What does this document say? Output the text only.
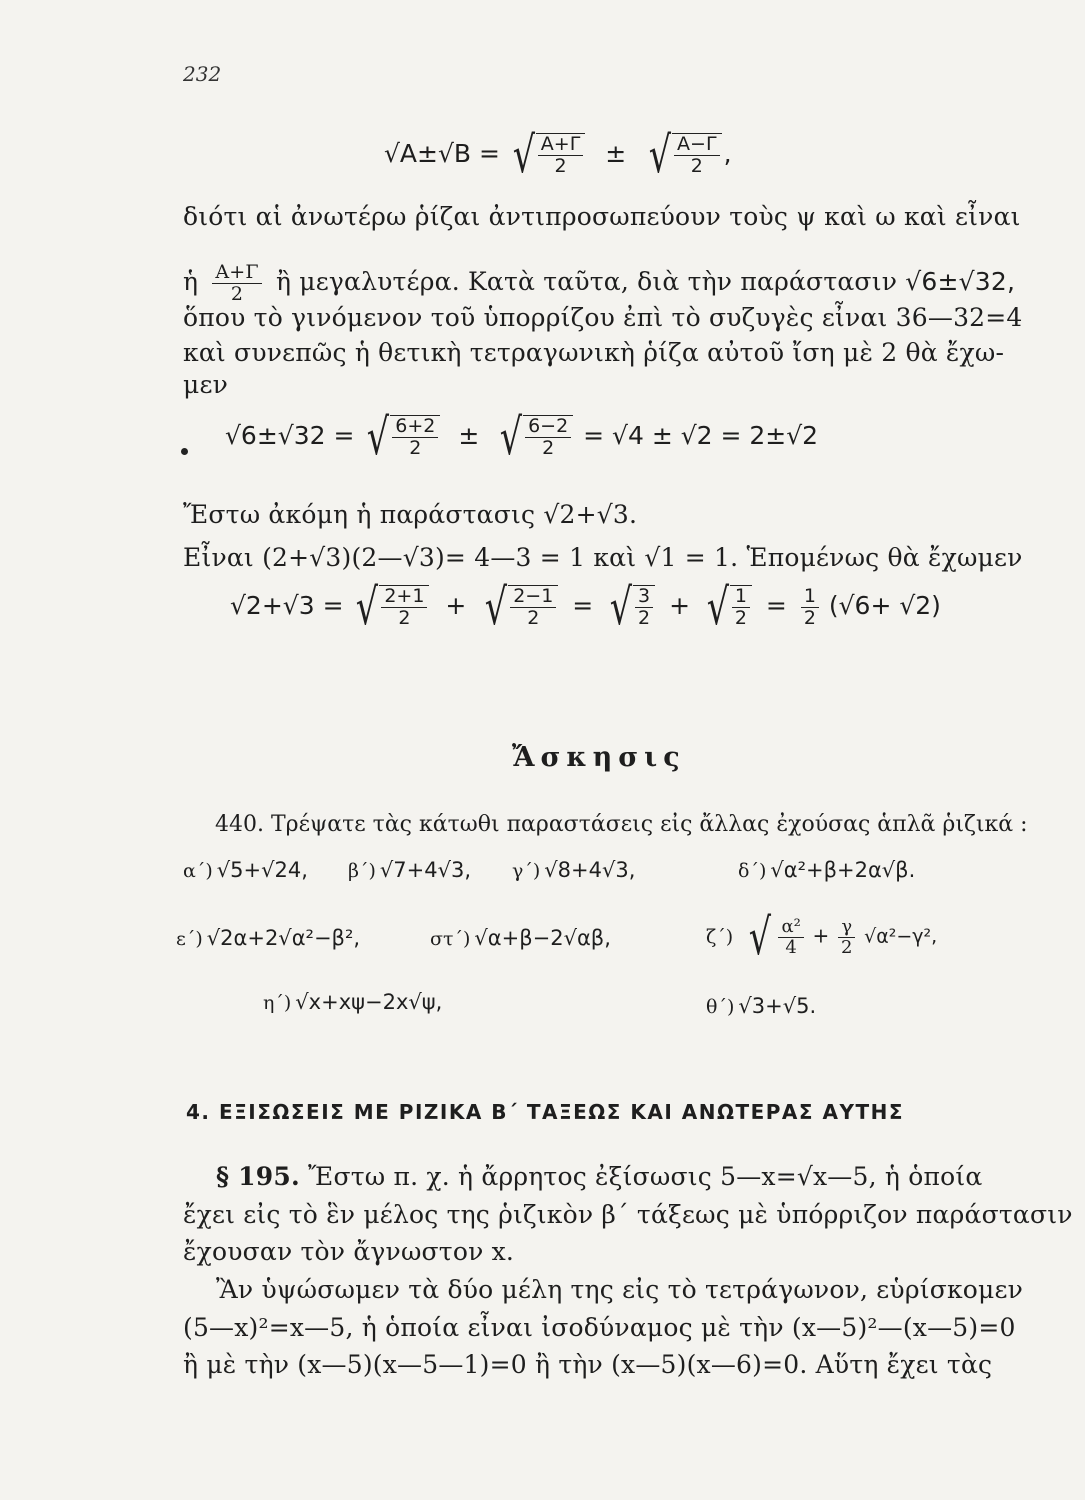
232
√A±√B = √ $\frac{A+\Gamma}{2}$ ± √ $\frac{A-\Gamma}{2}$ ,
διότι αἱ ἀνωτέρω ῥίζαι ἀντιπροσωπεύουν τοὺς ψ καὶ ω καὶ εἶναι
ἡ $\frac{A+\Gamma}{2}$ ἢ μεγαλυτέρα. Κατὰ ταῦτα, διὰ τὴν παράστασιν √6±√32,
ὅπου τὸ γινόμενον τοῦ ὑπορρίζου ἐπὶ τὸ συζυγὲς εἶναι 36—32=4
καὶ συνεπῶς ἡ θετικὴ τετραγωνικὴ ῥίζα αὐτοῦ ἴση μὲ 2 θὰ ἔχω-
μεν
√6±√32 = √ $\frac{6+2}{2}$ ± √ $\frac{6-2}{2} = √4 \pm √2 = 2\pm√2$
Ἔστω ἀκόμη ἡ παράστασις √2+√3.
Εἶναι (2+√3)(2—√3)= 4—3 = 1 καὶ √1 = 1. Ἑπομένως θὰ ἔχωμεν
√2+√3 = √ $\frac{2+1}{2}$ + √ $\frac{2-1}{2}$ = √ $\frac{3}{2}$ + √ $\frac{1}{2} = \frac{1}{2} (√6+ √2)$
Ἄσκησις
440. Τρέψατε τὰς κάτωθι παραστάσεις εἰς ἄλλας ἐχούσας ἁπλᾶ ῥιζικά :
α΄) √5+√24, β΄) √7+4√3, γ΄) √8+4√3,	δ΄) √α²+β+2α√β.
ε΄) √2α+2√α²−β²,	στ΄) √α+β−2√αβ,	ζ΄) √ $\frac{\text{α²}}{4} + \frac{\gamma}{2} √\alpha^2-\gamma^2$,
η΄) √x+xψ−2x√ψ,	θ΄) √3+√5.
4. ΕΞΙΣΩΣΕΙΣ ΜΕ ΡΙΖΙΚΑ Β΄ ΤΑΞΕΩΣ ΚΑΙ ΑΝΩΤΕΡΑΣ ΑΥΤΗΣ
§ 195. Ἔστω π. χ. ἡ ἄρρητος ἐξίσωσις 5—x=√x—5, ἡ ὁποία
ἔχει εἰς τὸ ἓν μέλος της ῥιζικὸν β΄ τάξεως μὲ ὑπόρριζον παράστασιν
ἔχουσαν τὸν ἄγνωστον x.
Ἂν ὑψώσωμεν τὰ δύο μέλη της εἰς τὸ τετράγωνον, εὑρίσκομεν
(5—x)²=x—5, ἡ ὁποία εἶναι ἰσοδύναμος μὲ τὴν (x—5)²—(x—5)=0
ἢ μὲ τὴν (x—5)(x—5—1)=0 ἢ τὴν (x—5)(x—6)=0. Αὕτη ἔχει τὰς
